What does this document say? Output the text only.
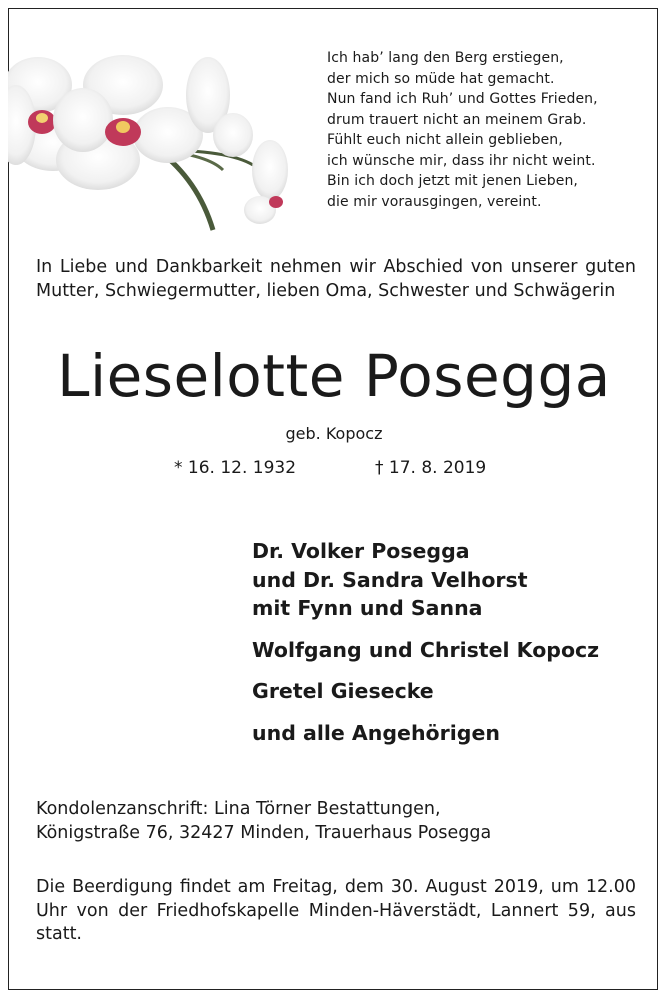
Ich hab’ lang den Berg erstiegen,
der mich so müde hat gemacht.
Nun fand ich Ruh’ und Gottes Frieden,
drum trauert nicht an meinem Grab.
Fühlt euch nicht allein geblieben,
ich wünsche mir, dass ihr nicht weint.
Bin ich doch jetzt mit jenen Lieben,
die mir vorausgingen, vereint.
In Liebe und Dankbarkeit nehmen wir Abschied von unserer guten Mutter, Schwiegermutter, lieben Oma, Schwester und Schwägerin
Lieselotte Posegga
geb. Kopocz
* 16. 12. 1932	† 17. 8. 2019
Dr. Volker Posegga
und Dr. Sandra Velhorst
mit Fynn und Sanna
Wolfgang und Christel Kopocz
Gretel Giesecke
und alle Angehörigen
Kondolenzanschrift: Lina Törner Bestattungen,
Königstraße 76, 32427 Minden, Trauerhaus Posegga
Die Beerdigung findet am Freitag, dem 30. August 2019, um 12.00 Uhr von der Friedhofskapelle Minden-Häverstädt, Lannert 59, aus statt.
